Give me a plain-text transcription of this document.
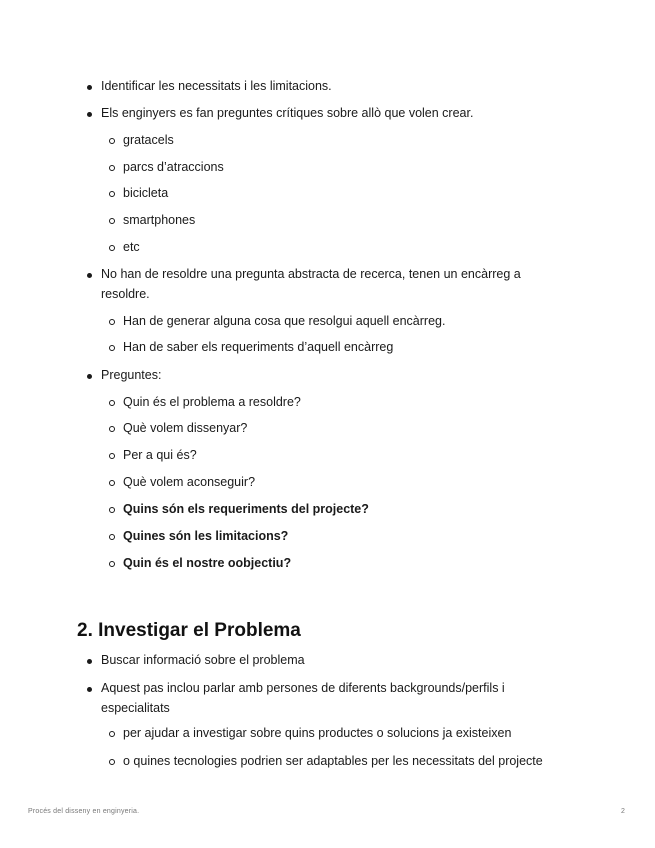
Identificar les necessitats i les limitacions.
Els enginyers es fan preguntes crítiques sobre allò que volen crear.
gratacels
parcs d’atraccions
bicicleta
smartphones
etc
No han de resoldre una pregunta abstracta de recerca, tenen un encàrreg a resoldre.
Han de generar alguna cosa que resolgui aquell encàrreg.
Han de saber els requeriments d’aquell encàrreg
Preguntes:
Quin és el problema a resoldre?
Què volem dissenyar?
Per a qui és?
Què volem aconseguir?
Quins són els requeriments del projecte?
Quines són les limitacions?
Quin és el nostre oobjectiu?
2. Investigar el Problema
Buscar informació sobre el problema
Aquest pas inclou parlar amb persones de diferents backgrounds/perfils i especialitats
per ajudar a investigar sobre quins productes o solucions ja existeixen
o quines tecnologies podrien ser adaptables per les necessitats del projecte
Procés del disseny en enginyeria.	2
